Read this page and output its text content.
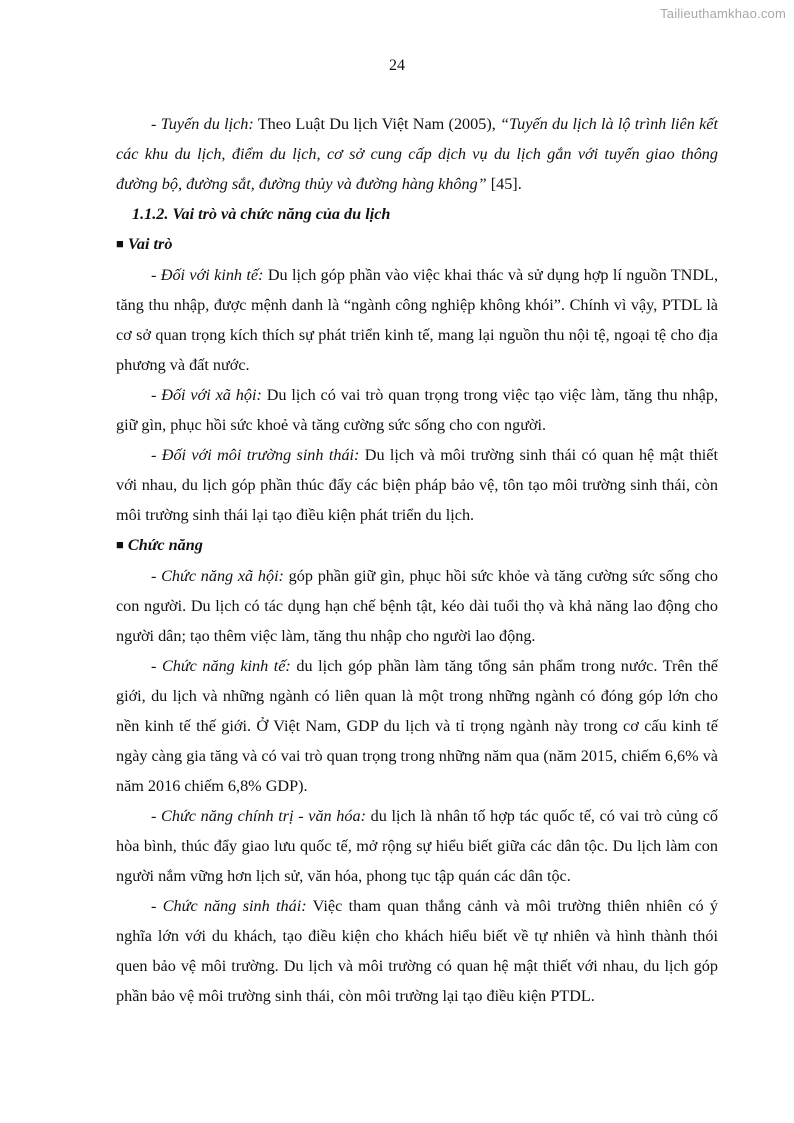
Tailieuthamkhao.com
24

- Tuyến du lịch: Theo Luật Du lịch Việt Nam (2005), “Tuyến du lịch là lộ trình liên kết các khu du lịch, điểm du lịch, cơ sở cung cấp dịch vụ du lịch gắn với tuyến giao thông đường bộ, đường sắt, đường thủy và đường hàng không” [45].

1.1.2. Vai trò và chức năng của du lịch

■ Vai trò

- Đối với kinh tế: Du lịch góp phần vào việc khai thác và sử dụng hợp lí nguồn TNDL, tăng thu nhập, được mệnh danh là “ngành công nghiệp không khói”. Chính vì vậy, PTDL là cơ sở quan trọng kích thích sự phát triển kinh tế, mang lại nguồn thu nội tệ, ngoại tệ cho địa phương và đất nước.

- Đối với xã hội: Du lịch có vai trò quan trọng trong việc tạo việc làm, tăng thu nhập, giữ gìn, phục hồi sức khoẻ và tăng cường sức sống cho con người.

- Đối với môi trường sinh thái: Du lịch và môi trường sinh thái có quan hệ mật thiết với nhau, du lịch góp phần thúc đẩy các biện pháp bảo vệ, tôn tạo môi trường sinh thái, còn môi trường sinh thái lại tạo điều kiện phát triển du lịch.

■ Chức năng

- Chức năng xã hội: góp phần giữ gìn, phục hồi sức khỏe và tăng cường sức sống cho con người. Du lịch có tác dụng hạn chế bệnh tật, kéo dài tuổi thọ và khả năng lao động cho người dân; tạo thêm việc làm, tăng thu nhập cho người lao động.

- Chức năng kinh tế: du lịch góp phần làm tăng tổng sản phẩm trong nước. Trên thế giới, du lịch và những ngành có liên quan là một trong những ngành có đóng góp lớn cho nền kinh tế thế giới. Ở Việt Nam, GDP du lịch và tỉ trọng ngành này trong cơ cấu kinh tế ngày càng gia tăng và có vai trò quan trọng trong những năm qua (năm 2015, chiếm 6,6% và năm 2016 chiếm 6,8% GDP).

- Chức năng chính trị - văn hóa: du lịch là nhân tố hợp tác quốc tế, có vai trò củng cố hòa bình, thúc đẩy giao lưu quốc tế, mở rộng sự hiểu biết giữa các dân tộc. Du lịch làm con người nắm vững hơn lịch sử, văn hóa, phong tục tập quán các dân tộc.

- Chức năng sinh thái: Việc tham quan thắng cảnh và môi trường thiên nhiên có ý nghĩa lớn với du khách, tạo điều kiện cho khách hiểu biết về tự nhiên và hình thành thói quen bảo vệ môi trường. Du lịch và môi trường có quan hệ mật thiết với nhau, du lịch góp phần bảo vệ môi trường sinh thái, còn môi trường lại tạo điều kiện PTDL.
